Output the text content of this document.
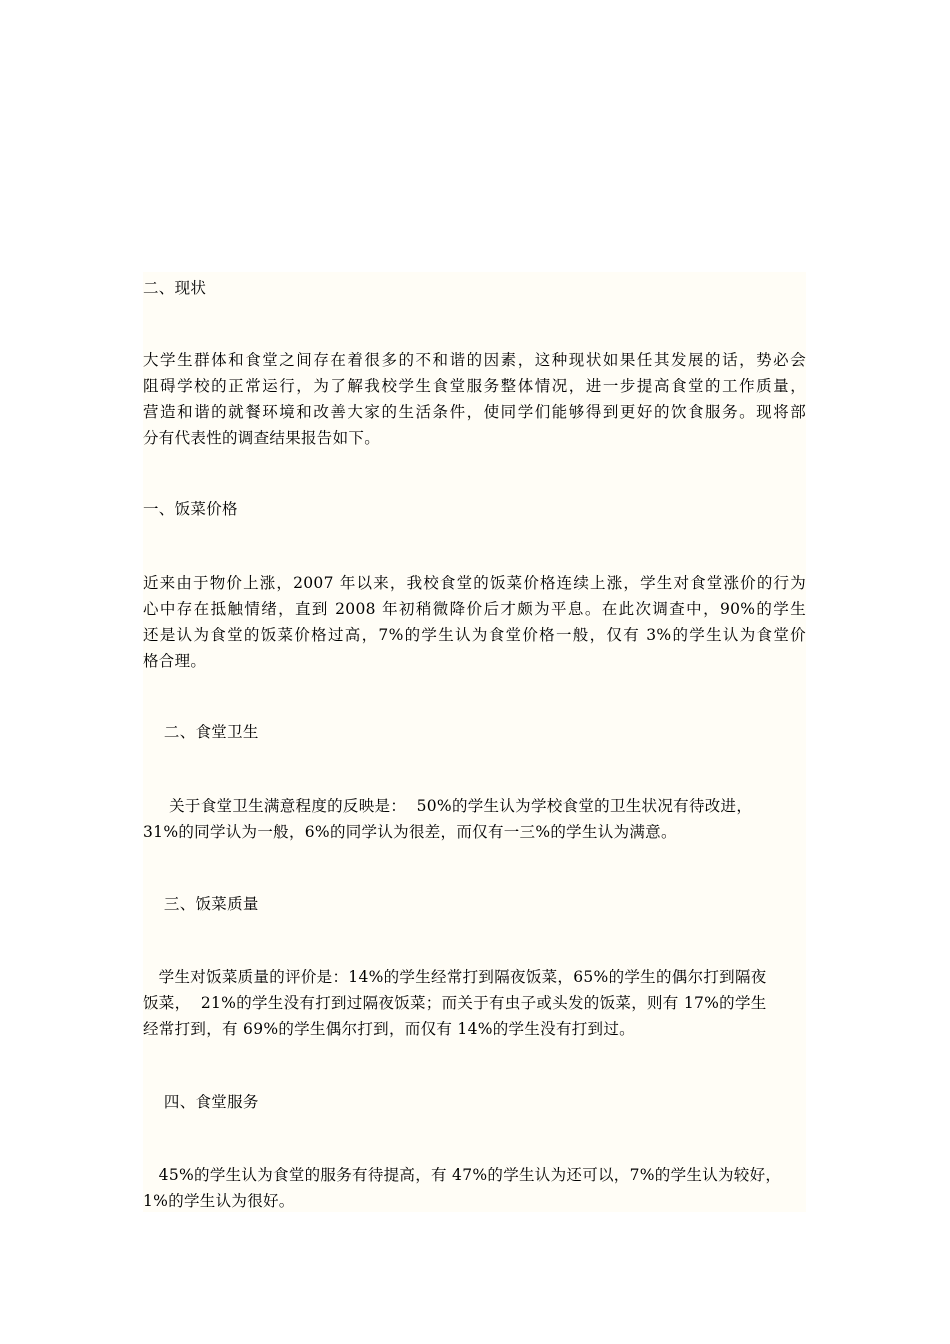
二、现状
大学生群体和食堂之间存在着很多的不和谐的因素，这种现状如果任其发展的话，势必会
阻碍学校的正常运行，为了解我校学生食堂服务整体情况，进一步提高食堂的工作质量，
营造和谐的就餐环境和改善大家的生活条件，使同学们能够得到更好的饮食服务。现将部
分有代表性的调查结果报告如下。
一、饭菜价格
近来由于物价上涨，2007 年以来，我校食堂的饭菜价格连续上涨，学生对食堂涨价的行为
心中存在抵触情绪，直到 2008 年初稍微降价后才颇为平息。在此次调查中，90%的学生
还是认为食堂的饭菜价格过高，7%的学生认为食堂价格一般，仅有 3%的学生认为食堂价
格合理。
二、食堂卫生
关于食堂卫生满意程度的反映是：  50%的学生认为学校食堂的卫生状况有待改进，
31%的同学认为一般，6%的同学认为很差，而仅有一三%的学生认为满意。
三、饭菜质量
学生对饭菜质量的评价是：14%的学生经常打到隔夜饭菜，65%的学生的偶尔打到隔夜
饭菜，  21%的学生没有打到过隔夜饭菜；而关于有虫子或头发的饭菜，则有 17%的学生
经常打到，有 69%的学生偶尔打到，而仅有 14%的学生没有打到过。
四、食堂服务
45%的学生认为食堂的服务有待提高，有 47%的学生认为还可以，7%的学生认为较好，
1%的学生认为很好。
